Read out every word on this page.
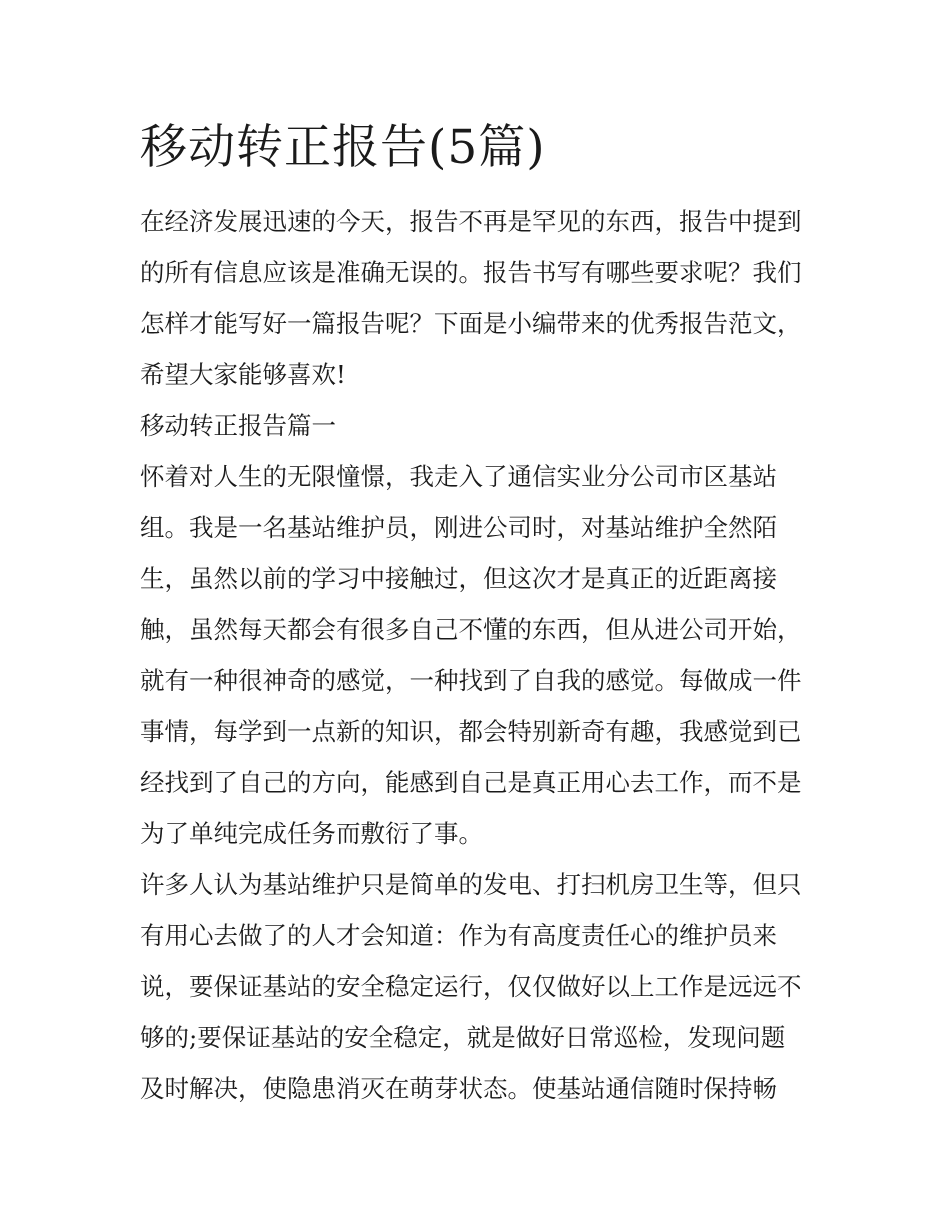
移动转正报告(5篇)
在经济发展迅速的今天，报告不再是罕见的东西，报告中提到
的所有信息应该是准确无误的。报告书写有哪些要求呢？我们
怎样才能写好一篇报告呢？下面是小编带来的优秀报告范文，
希望大家能够喜欢!
移动转正报告篇一
怀着对人生的无限憧憬，我走入了通信实业分公司市区基站
组。我是一名基站维护员，刚进公司时，对基站维护全然陌
生，虽然以前的学习中接触过，但这次才是真正的近距离接
触，虽然每天都会有很多自己不懂的东西，但从进公司开始，
就有一种很神奇的感觉，一种找到了自我的感觉。每做成一件
事情，每学到一点新的知识，都会特别新奇有趣，我感觉到已
经找到了自己的方向，能感到自己是真正用心去工作，而不是
为了单纯完成任务而敷衍了事。
许多人认为基站维护只是简单的发电、打扫机房卫生等，但只
有用心去做了的人才会知道：作为有高度责任心的维护员来
说，要保证基站的安全稳定运行，仅仅做好以上工作是远远不
够的;要保证基站的安全稳定，就是做好日常巡检，发现问题
及时解决，使隐患消灭在萌芽状态。使基站通信随时保持畅
